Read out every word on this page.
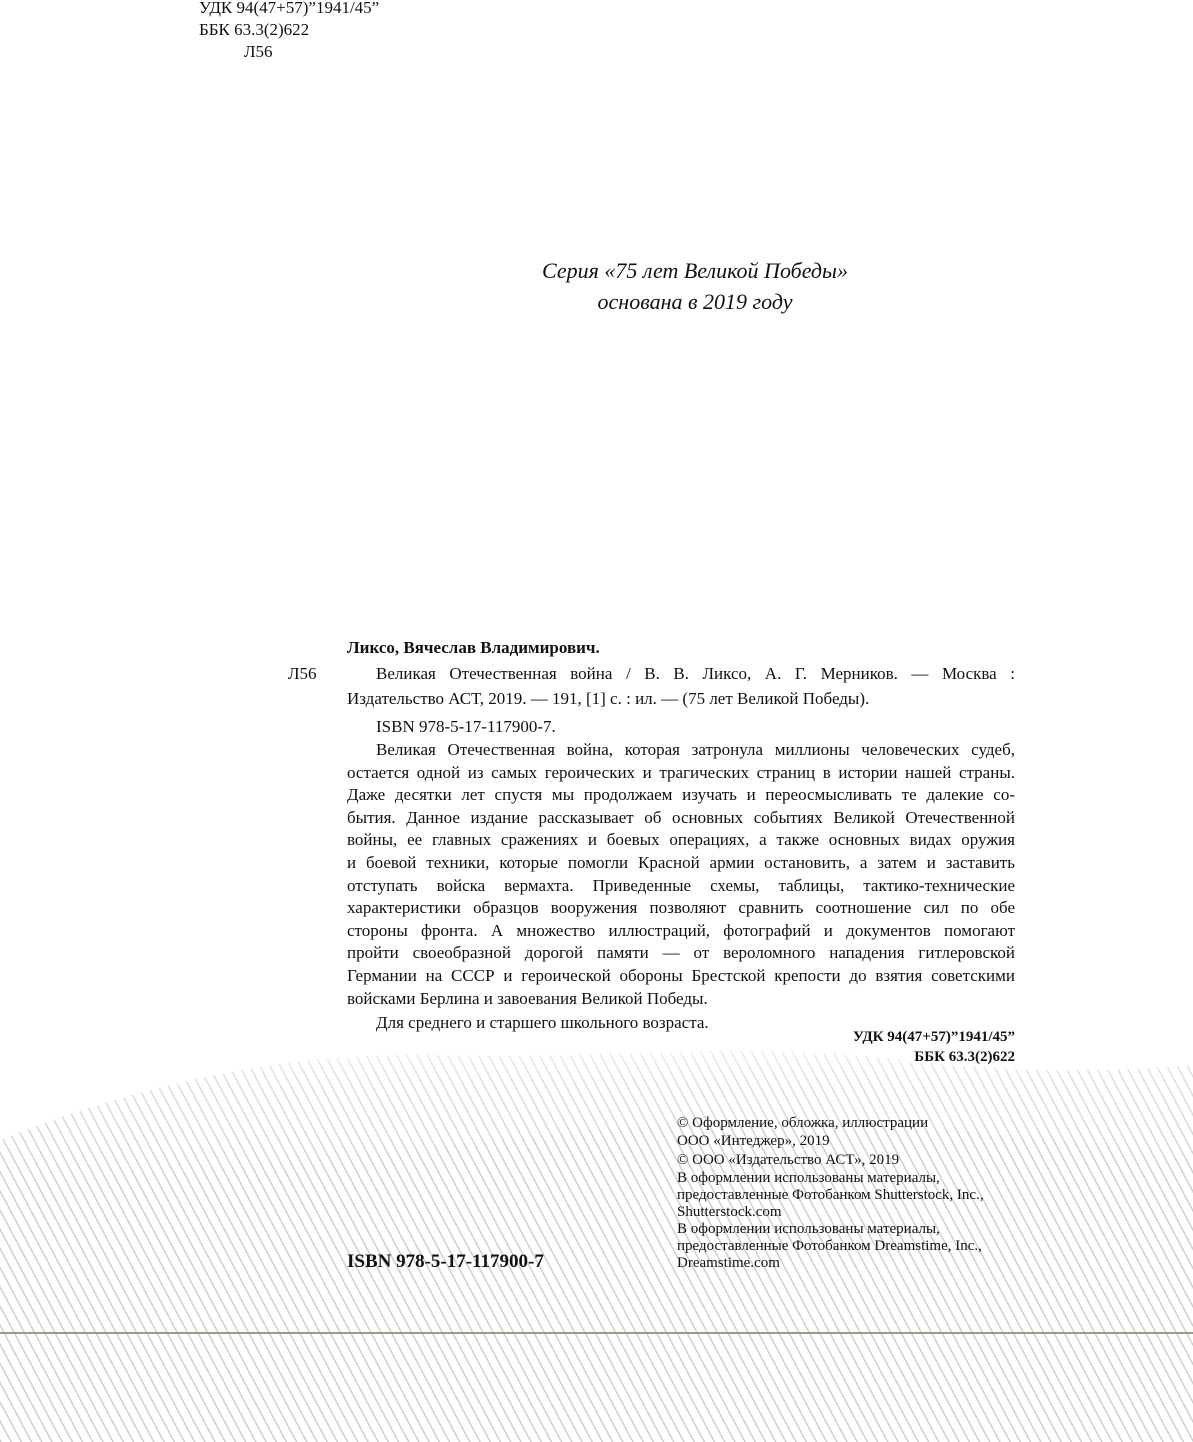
УДК 94(47+57)”1941/45”
ББК 63.3(2)622
Л56
Серия «75 лет Великой Победы»
основана в 2019 году
Ликсо, Вячеслав Владимирович.
Л56	Великая Отечественная война / В. В. Ликсо, А. Г. Мерников. — Москва :
Издательство АСТ, 2019. — 191, [1] с. : ил. — (75 лет Великой Победы).
ISBN 978-5-17-117900-7.
Великая Отечественная война, которая затронула миллионы человеческих судеб,
остается одной из самых героических и трагических страниц в истории нашей страны.
Даже десятки лет спустя мы продолжаем изучать и переосмысливать те далекие со-
бытия. Данное издание рассказывает об основных событиях Великой Отечественной
войны, ее главных сражениях и боевых операциях, а также основных видах оружия
и боевой техники, которые помогли Красной армии остановить, а затем и заставить
отступать войска вермахта. Приведенные схемы, таблицы, тактико-технические
характеристики образцов вооружения позволяют сравнить соотношение сил по обе
стороны фронта. А множество иллюстраций, фотографий и документов помогают
пройти своеобразной дорогой памяти — от вероломного нападения гитлеровской
Германии на СССР и героической обороны Брестской крепости до взятия советскими
войсками Берлина и завоевания Великой Победы.
Для среднего и старшего школьного возраста.
УДК 94(47+57)”1941/45”
ББК 63.3(2)622
ISBN 978-5-17-117900-7
© Оформление, обложка, иллюстрации
ООО «Интеджер», 2019
© ООО «Издательство АСТ», 2019
В оформлении использованы материалы,
предоставленные Фотобанком Shutterstock, Inc.,
Shutterstock.com
В оформлении использованы материалы,
предоставленные Фотобанком Dreamstime, Inc.,
Dreamstime.com
